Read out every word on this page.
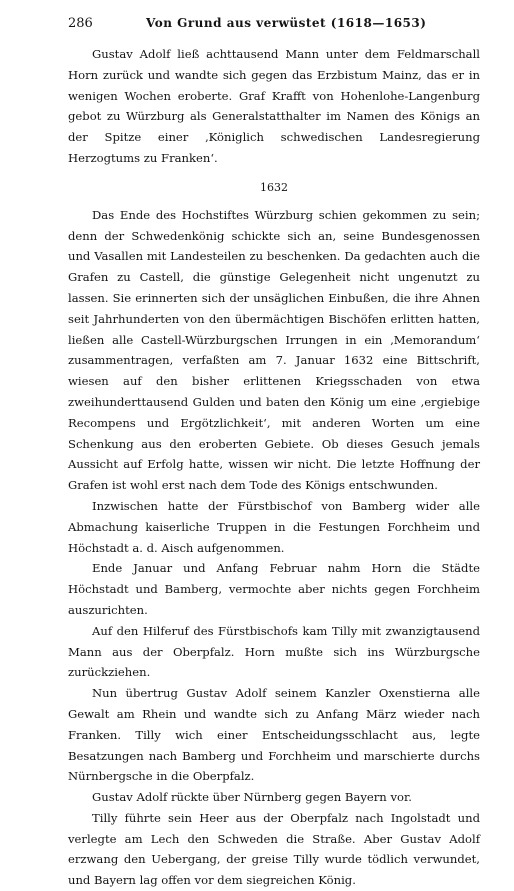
286	Von Grund aus verwüstet (1618—1653)

Gustav Adolf ließ achttausend Mann unter dem Feldmarschall Horn zurück und wandte sich gegen das Erzbistum Mainz, das er in wenigen Wochen eroberte. Graf Krafft von Hohenlohe-Langenburg gebot zu Würzburg als Generalstatthalter im Namen des Königs an der Spitze einer ‚Königlich schwedischen Landesregierung Herzogtums zu Franken‘.

1632

Das Ende des Hochstiftes Würzburg schien gekommen zu sein; denn der Schwedenkönig schickte sich an, seine Bundesgenossen und Vasallen mit Landesteilen zu beschenken. Da gedachten auch die Grafen zu Castell, die günstige Gelegenheit nicht ungenutzt zu lassen. Sie erinnerten sich der unsäglichen Einbußen, die ihre Ahnen seit Jahrhunderten von den übermächtigen Bischöfen erlitten hatten, ließen alle Castell-Würzburgschen Irrungen in ein ‚Memorandum‘ zusammentragen, verfaßten am 7. Januar 1632 eine Bittschrift, wiesen auf den bisher erlittenen Kriegsschaden von etwa zweihunderttausend Gulden und baten den König um eine ‚ergiebige Recompens und Ergötzlichkeit‘, mit anderen Worten um eine Schenkung aus den eroberten Gebiete. Ob dieses Gesuch jemals Aussicht auf Erfolg hatte, wissen wir nicht. Die letzte Hoffnung der Grafen ist wohl erst nach dem Tode des Königs entschwunden.

Inzwischen hatte der Fürstbischof von Bamberg wider alle Abmachung kaiserliche Truppen in die Festungen Forchheim und Höchstadt a. d. Aisch aufgenommen.

Ende Januar und Anfang Februar nahm Horn die Städte Höchstadt und Bamberg, vermochte aber nichts gegen Forchheim auszurichten.

Auf den Hilferuf des Fürstbischofs kam Tilly mit zwanzigtausend Mann aus der Oberpfalz. Horn mußte sich ins Würzburgsche zurückziehen.

Nun übertrug Gustav Adolf seinem Kanzler Oxenstierna alle Gewalt am Rhein und wandte sich zu Anfang März wieder nach Franken. Tilly wich einer Entscheidungsschlacht aus, legte Besatzungen nach Bamberg und Forchheim und marschierte durchs Nürnbergsche in die Oberpfalz.

Gustav Adolf rückte über Nürnberg gegen Bayern vor.

Tilly führte sein Heer aus der Oberpfalz nach Ingolstadt und verlegte am Lech den Schweden die Straße. Aber Gustav Adolf erzwang den Uebergang, der greise Tilly wurde tödlich verwundet, und Bayern lag offen vor dem siegreichen König.
